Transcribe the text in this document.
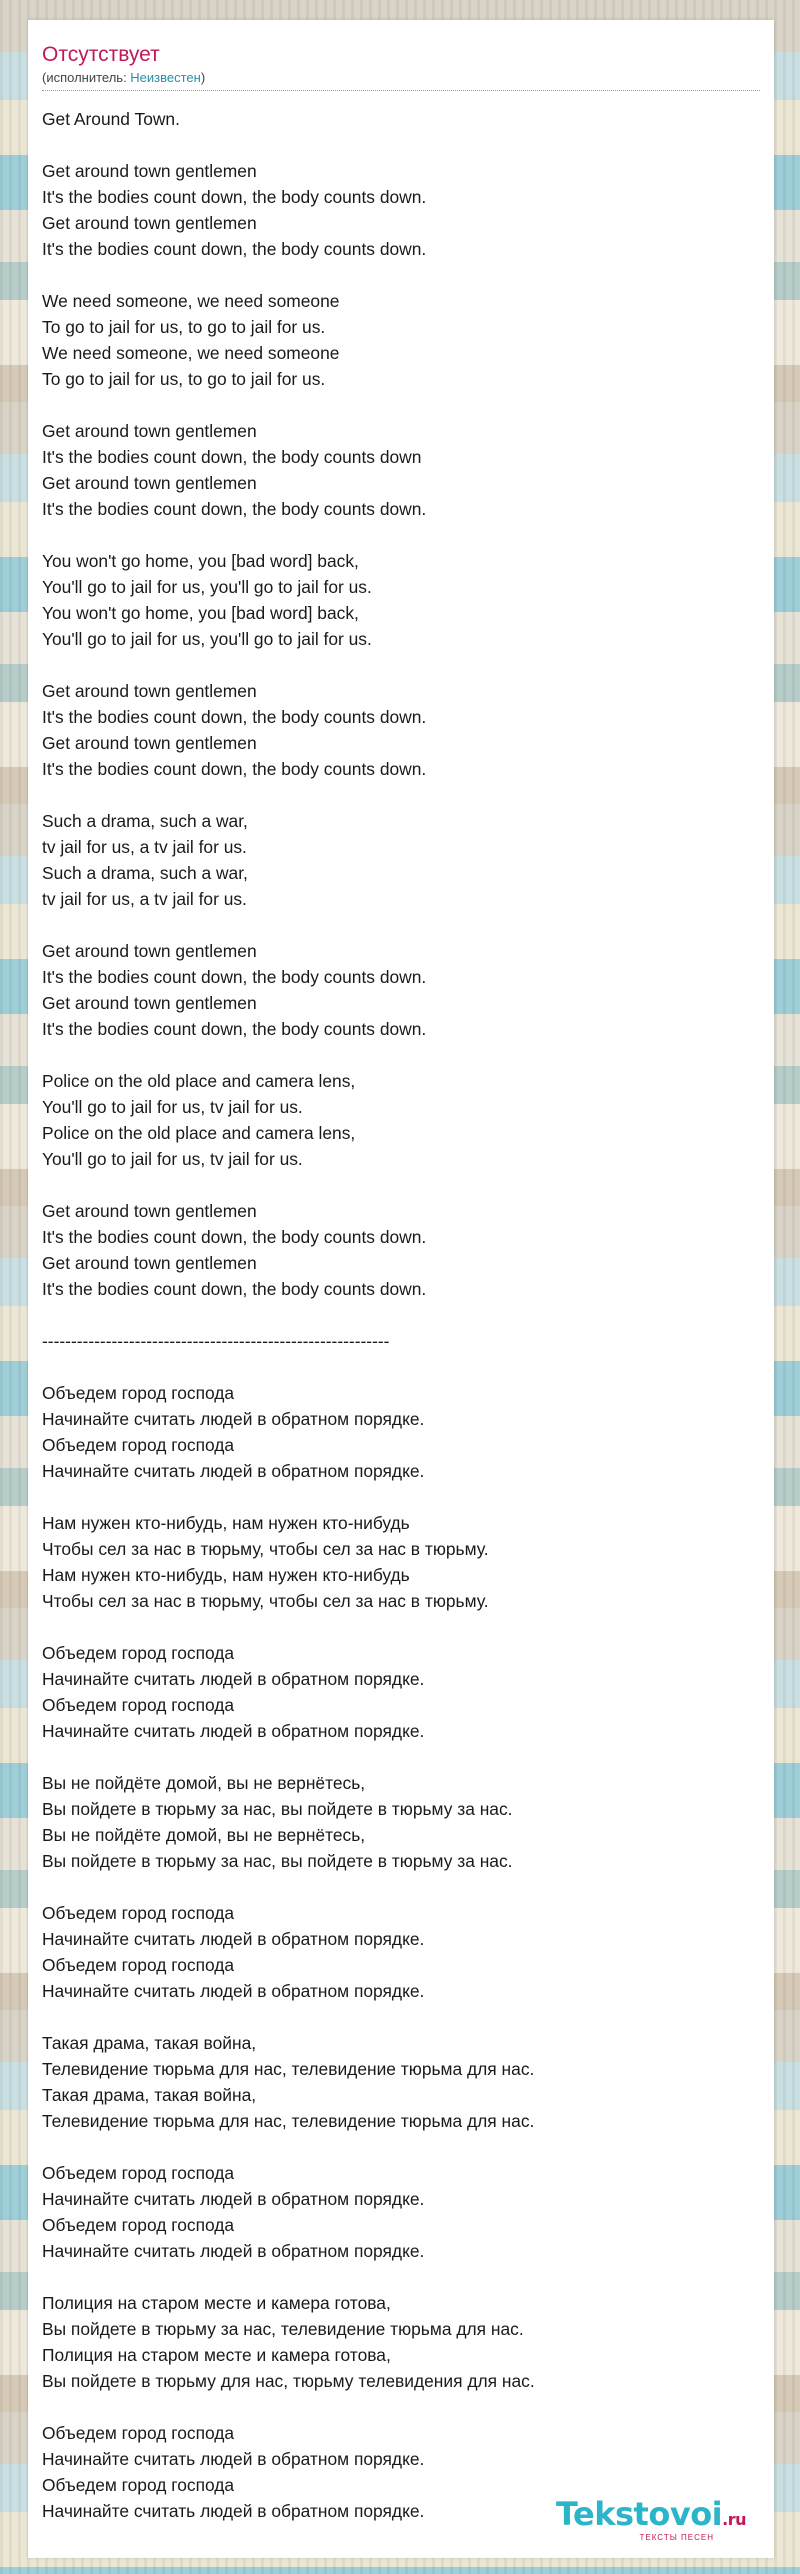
Отсутствует
(исполнитель: Неизвестен)
Get Around Town.

Get around town gentlemen
It's the bodies count down, the body counts down.
Get around town gentlemen
It's the bodies count down, the body counts down.

We need someone, we need someone
To go to jail for us, to go to jail for us.
We need someone, we need someone
To go to jail for us, to go to jail for us.

Get around town gentlemen
It's the bodies count down, the body counts down
Get around town gentlemen
It's the bodies count down, the body counts down.

You won't go home, you [bad word] back,
You'll go to jail for us, you'll go to jail for us.
You won't go home, you [bad word] back,
You'll go to jail for us, you'll go to jail for us.

Get around town gentlemen
It's the bodies count down, the body counts down.
Get around town gentlemen
It's the bodies count down, the body counts down.

Such a drama, such a war,
tv jail for us, a tv jail for us.
Such a drama, such a war,
tv jail for us, a tv jail for us.

Get around town gentlemen
It's the bodies count down, the body counts down.
Get around town gentlemen
It's the bodies count down, the body counts down.

Police on the old place and camera lens,
You'll go to jail for us, tv jail for us.
Police on the old place and camera lens,
You'll go to jail for us, tv jail for us.

Get around town gentlemen
It's the bodies count down, the body counts down.
Get around town gentlemen
It's the bodies count down, the body counts down.

------------------------------------------------------------

Объедем город господа
Начинайте считать людей в обратном порядке.
Объедем город господа
Начинайте считать людей в обратном порядке.

Нам нужен кто-нибудь, нам нужен кто-нибудь
Чтобы сел за нас в тюрьму, чтобы сел за нас в тюрьму.
Нам нужен кто-нибудь, нам нужен кто-нибудь
Чтобы сел за нас в тюрьму, чтобы сел за нас в тюрьму.

Объедем город господа
Начинайте считать людей в обратном порядке.
Объедем город господа
Начинайте считать людей в обратном порядке.

Вы не пойдёте домой, вы не вернётесь,
Вы пойдете в тюрьму за нас, вы пойдете в тюрьму за нас.
Вы не пойдёте домой, вы не вернётесь,
Вы пойдете в тюрьму за нас, вы пойдете в тюрьму за нас.

Объедем город господа
Начинайте считать людей в обратном порядке.
Объедем город господа
Начинайте считать людей в обратном порядке.

Такая драма, такая война,
Телевидение тюрьма для нас, телевидение тюрьма для нас.
Такая драма, такая война,
Телевидение тюрьма для нас, телевидение тюрьма для нас.

Объедем город господа
Начинайте считать людей в обратном порядке.
Объедем город господа
Начинайте считать людей в обратном порядке.

Полиция на старом месте и камера готова,
Вы пойдете в тюрьму за нас, телевидение тюрьма для нас.
Полиция на старом месте и камера готова,
Вы пойдете в тюрьму для нас, тюрьму телевидения для нас.

Объедем город господа
Начинайте считать людей в обратном порядке.
Объедем город господа
Начинайте считать людей в обратном порядке.	Tekstovoi.ru
ТЕКСТЫ ПЕСЕН
